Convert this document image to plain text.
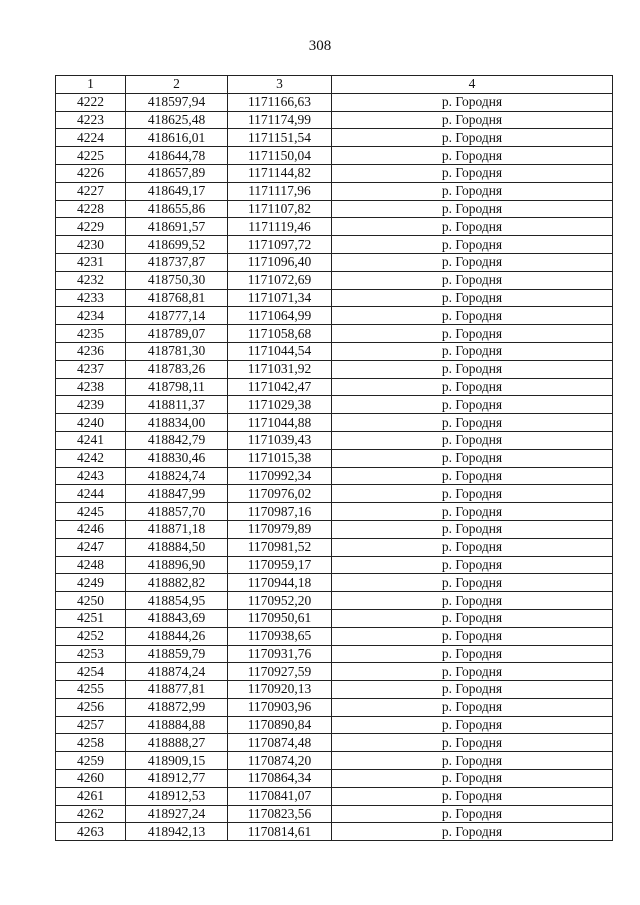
308
1	2	3	4
4222	418597,94	1171166,63	р. Городня
4223	418625,48	1171174,99	р. Городня
4224	418616,01	1171151,54	р. Городня
4225	418644,78	1171150,04	р. Городня
4226	418657,89	1171144,82	р. Городня
4227	418649,17	1171117,96	р. Городня
4228	418655,86	1171107,82	р. Городня
4229	418691,57	1171119,46	р. Городня
4230	418699,52	1171097,72	р. Городня
4231	418737,87	1171096,40	р. Городня
4232	418750,30	1171072,69	р. Городня
4233	418768,81	1171071,34	р. Городня
4234	418777,14	1171064,99	р. Городня
4235	418789,07	1171058,68	р. Городня
4236	418781,30	1171044,54	р. Городня
4237	418783,26	1171031,92	р. Городня
4238	418798,11	1171042,47	р. Городня
4239	418811,37	1171029,38	р. Городня
4240	418834,00	1171044,88	р. Городня
4241	418842,79	1171039,43	р. Городня
4242	418830,46	1171015,38	р. Городня
4243	418824,74	1170992,34	р. Городня
4244	418847,99	1170976,02	р. Городня
4245	418857,70	1170987,16	р. Городня
4246	418871,18	1170979,89	р. Городня
4247	418884,50	1170981,52	р. Городня
4248	418896,90	1170959,17	р. Городня
4249	418882,82	1170944,18	р. Городня
4250	418854,95	1170952,20	р. Городня
4251	418843,69	1170950,61	р. Городня
4252	418844,26	1170938,65	р. Городня
4253	418859,79	1170931,76	р. Городня
4254	418874,24	1170927,59	р. Городня
4255	418877,81	1170920,13	р. Городня
4256	418872,99	1170903,96	р. Городня
4257	418884,88	1170890,84	р. Городня
4258	418888,27	1170874,48	р. Городня
4259	418909,15	1170874,20	р. Городня
4260	418912,77	1170864,34	р. Городня
4261	418912,53	1170841,07	р. Городня
4262	418927,24	1170823,56	р. Городня
4263	418942,13	1170814,61	р. Городня
